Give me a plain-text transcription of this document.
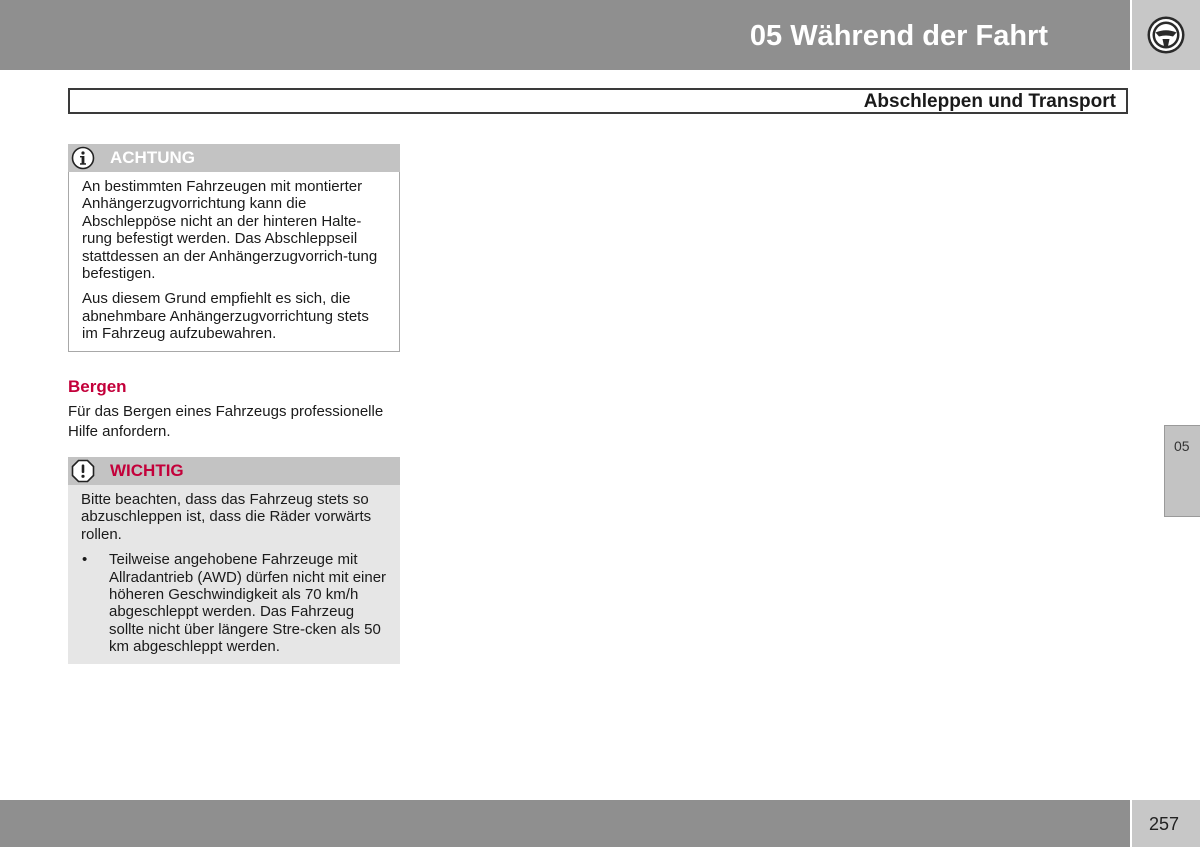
05 Während der Fahrt
Abschleppen und Transport
ACHTUNG

An bestimmten Fahrzeugen mit montierter Anhängerzugvorrichtung kann die Abschleppöse nicht an der hinteren Halte-rung befestigt werden. Das Abschleppseil stattdessen an der Anhängerzugvorrich-tung befestigen.

Aus diesem Grund empfiehlt es sich, die abnehmbare Anhängerzugvorrichtung stets im Fahrzeug aufzubewahren.

Bergen

Für das Bergen eines Fahrzeugs professionelle Hilfe anfordern.

WICHTIG

Bitte beachten, dass das Fahrzeug stets so abzuschleppen ist, dass die Räder vorwärts rollen.

• Teilweise angehobene Fahrzeuge mit Allradantrieb (AWD) dürfen nicht mit einer höheren Geschwindigkeit als 70 km/h abgeschleppt werden. Das Fahrzeug sollte nicht über längere Stre-cken als 50 km abgeschleppt werden.
05
257
